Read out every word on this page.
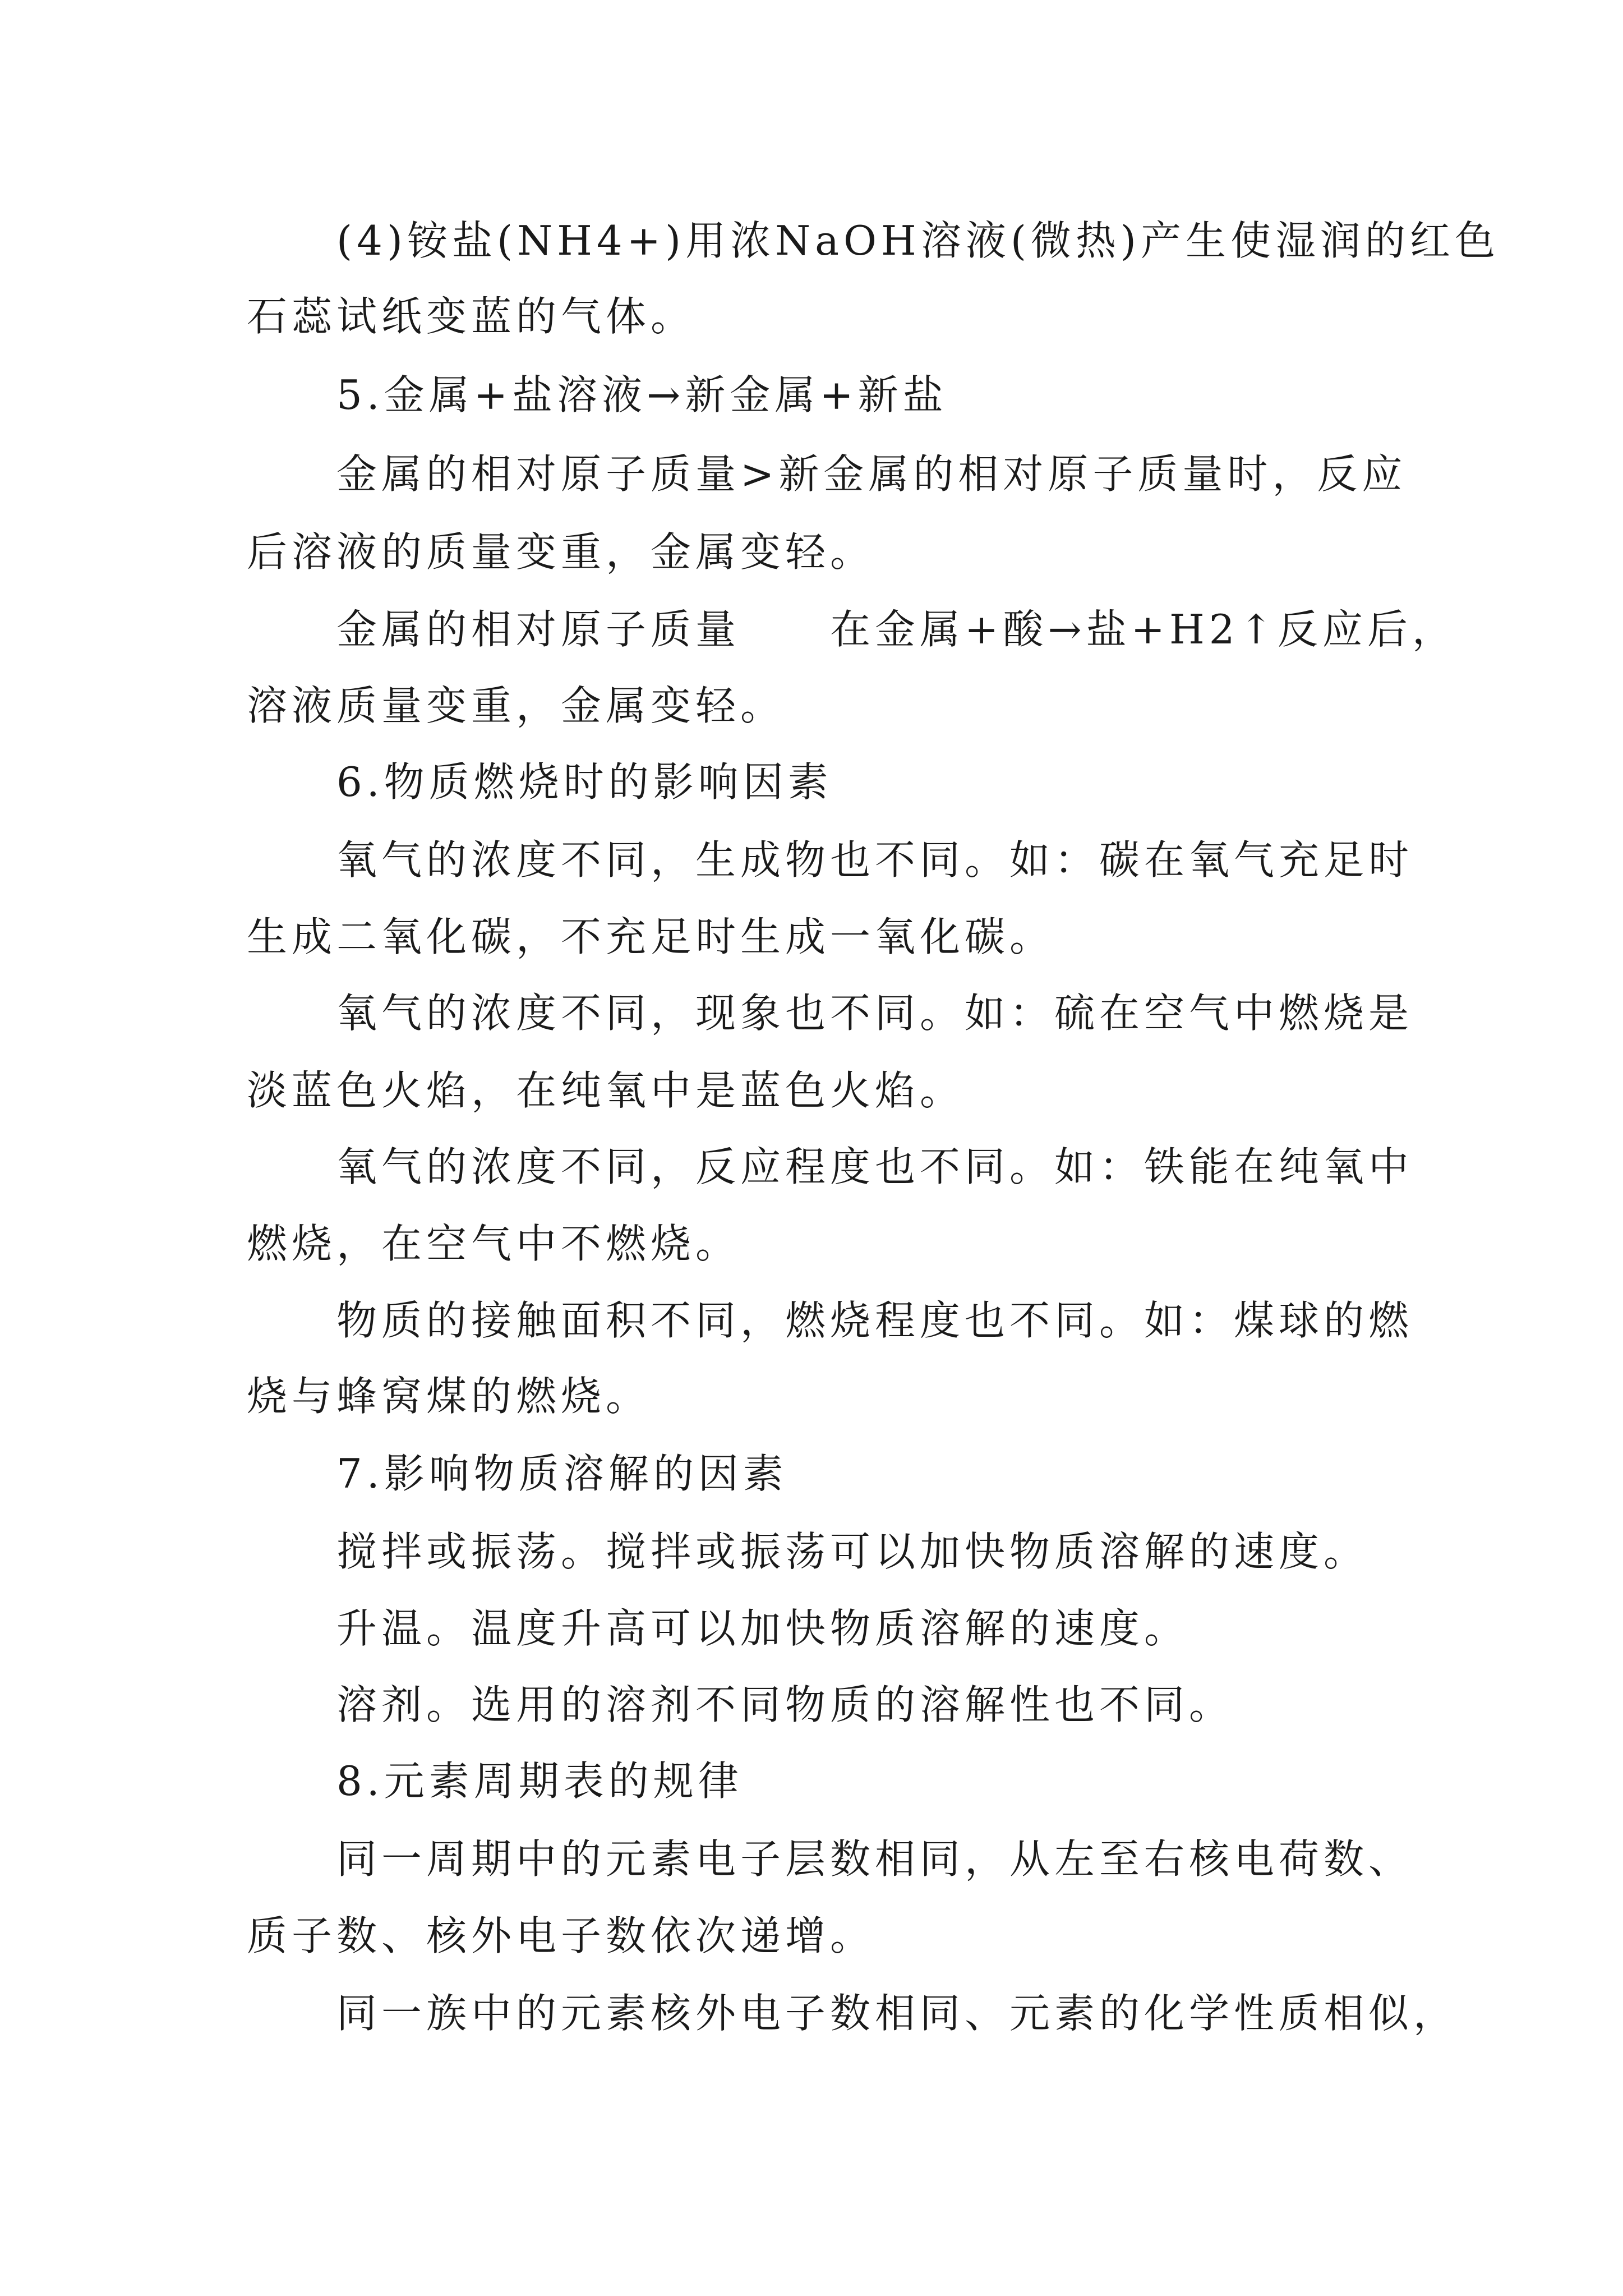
(4)铵盐(NH4+)用浓NaOH溶液(微热)产生使湿润的红色
石蕊试纸变蓝的气体。
5.金属+盐溶液→新金属+新盐
金属的相对原子质量>新金属的相对原子质量时，反应
后溶液的质量变重，金属变轻。
金属的相对原子质量　　在金属+酸→盐+H2↑反应后，
溶液质量变重，金属变轻。
6.物质燃烧时的影响因素
氧气的浓度不同，生成物也不同。如：碳在氧气充足时
生成二氧化碳，不充足时生成一氧化碳。
氧气的浓度不同，现象也不同。如：硫在空气中燃烧是
淡蓝色火焰，在纯氧中是蓝色火焰。
氧气的浓度不同，反应程度也不同。如：铁能在纯氧中
燃烧，在空气中不燃烧。
物质的接触面积不同，燃烧程度也不同。如：煤球的燃
烧与蜂窝煤的燃烧。
7.影响物质溶解的因素
搅拌或振荡。搅拌或振荡可以加快物质溶解的速度。
升温。温度升高可以加快物质溶解的速度。
溶剂。选用的溶剂不同物质的溶解性也不同。
8.元素周期表的规律
同一周期中的元素电子层数相同，从左至右核电荷数、
质子数、核外电子数依次递增。
同一族中的元素核外电子数相同、元素的化学性质相似，
